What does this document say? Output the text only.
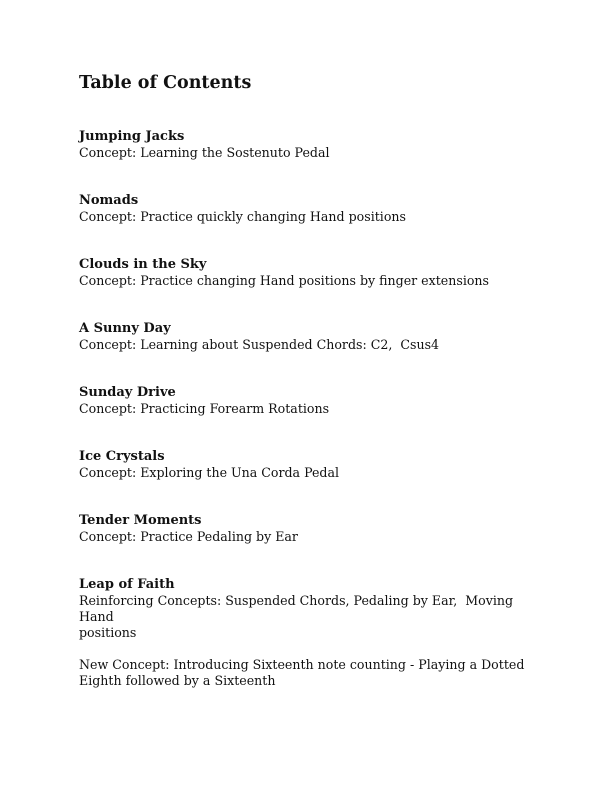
Table of Contents
Jumping Jacks
Concept: Learning the Sostenuto Pedal
Nomads
Concept: Practice quickly changing Hand positions
Clouds in the Sky
Concept: Practice changing Hand positions by finger extensions
A Sunny Day
Concept: Learning about Suspended Chords: C2,  Csus4
Sunday Drive
Concept: Practicing Forearm Rotations
Ice Crystals
Concept: Exploring the Una Corda Pedal
Tender Moments
Concept: Practice Pedaling by Ear
Leap of Faith
Reinforcing Concepts: Suspended Chords, Pedaling by Ear,  Moving Hand
positions
New Concept: Introducing Sixteenth note counting - Playing a Dotted
Eighth followed by a Sixteenth
